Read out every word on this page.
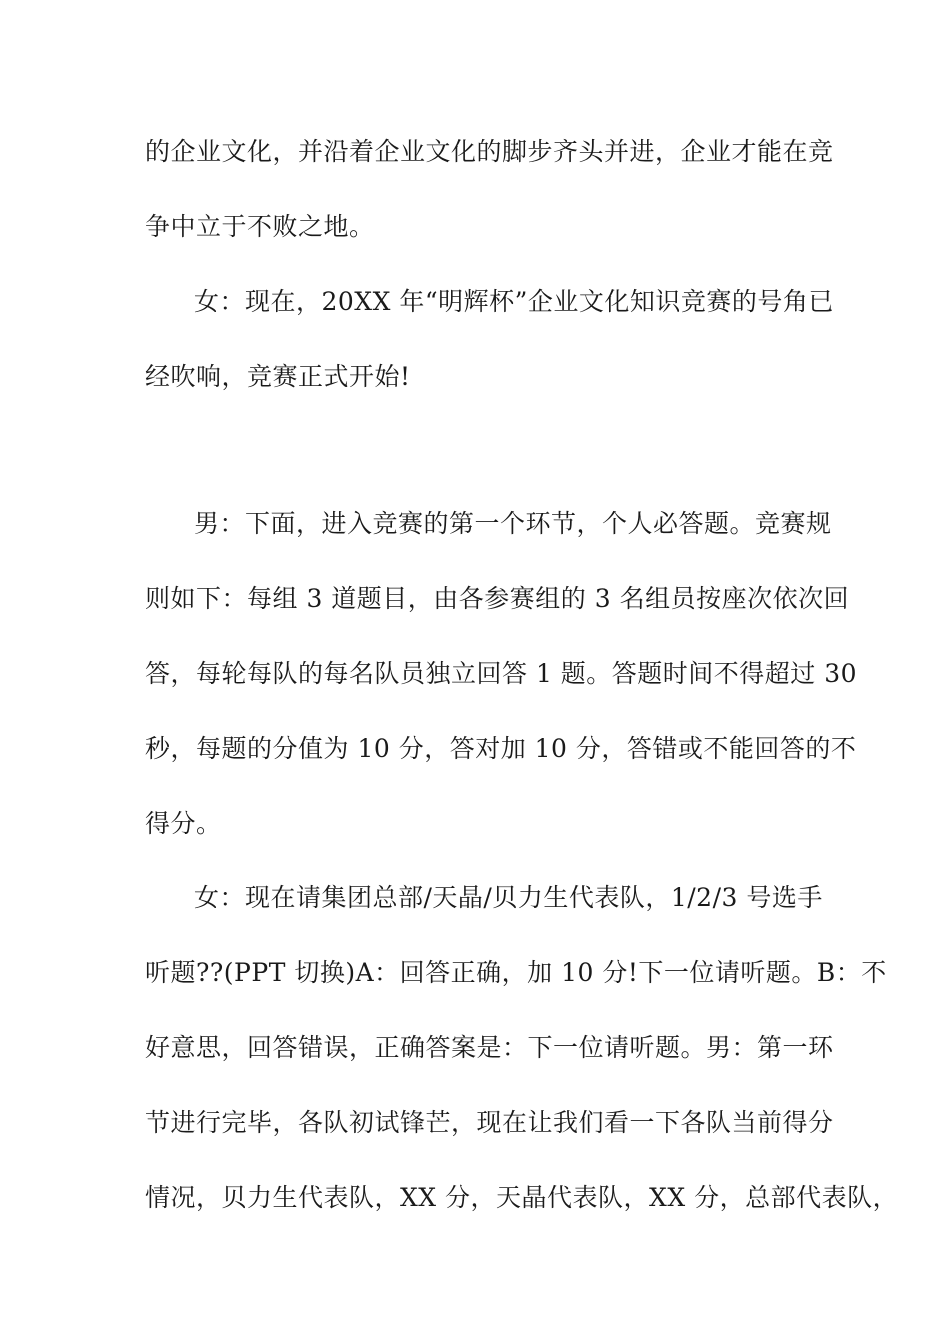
的企业文化，并沿着企业文化的脚步齐头并进，企业才能在竞
争中立于不败之地。
女：现在，20XX 年“明辉杯”企业文化知识竞赛的号角已
经吹响，竞赛正式开始!
男：下面，进入竞赛的第一个环节，个人必答题。竞赛规
则如下：每组 3 道题目，由各参赛组的 3 名组员按座次依次回
答，每轮每队的每名队员独立回答 1 题。答题时间不得超过 30
秒，每题的分值为 10 分，答对加 10 分，答错或不能回答的不
得分。
女：现在请集团总部/天晶/贝力生代表队，1/2/3 号选手
听题??(PPT 切换)A：回答正确，加 10 分!下一位请听题。B：不
好意思，回答错误，正确答案是：下一位请听题。男：第一环
节进行完毕，各队初试锋芒，现在让我们看一下各队当前得分
情况，贝力生代表队，XX 分，天晶代表队，XX 分，总部代表队，
